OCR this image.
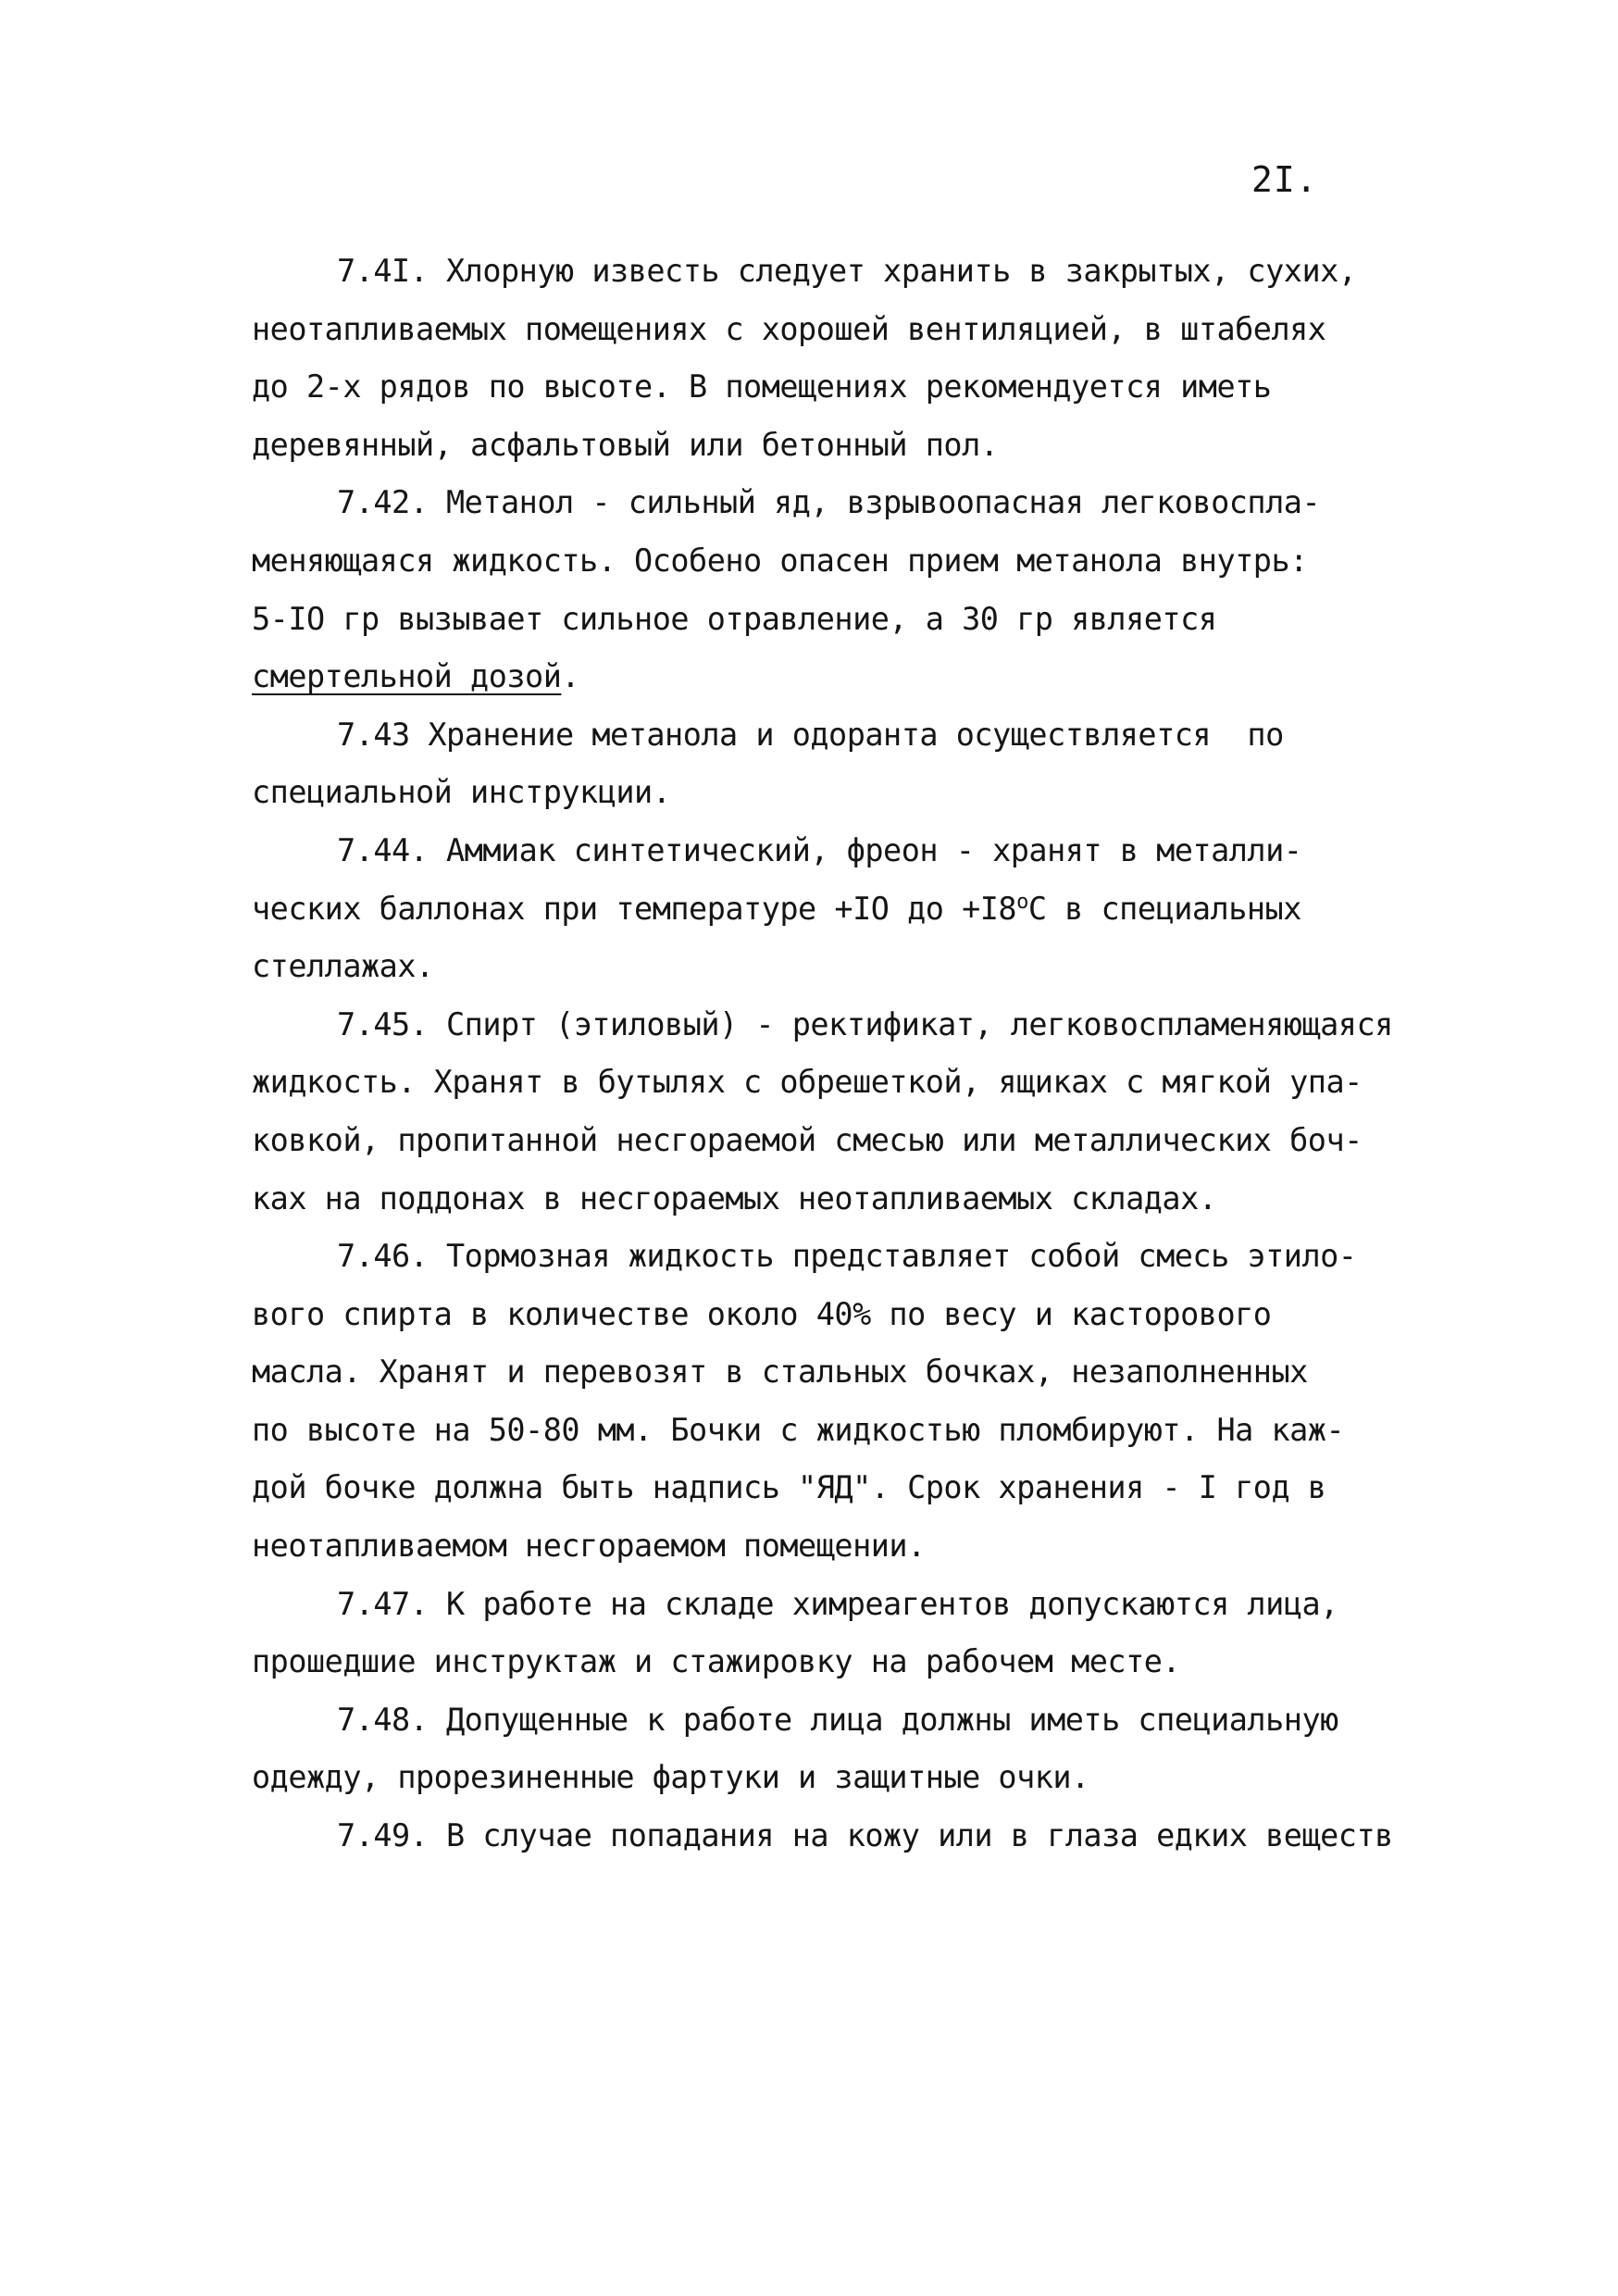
2I.
7.4I. Хлорную известь следует хранить в закрытых, сухих,
неотапливаемых помещениях с хорошей вентиляцией, в штабелях
до 2-х рядов по высоте. В помещениях рекомендуется иметь
деревянный, асфальтовый или бетонный пол.
7.42. Метанол - сильный яд, взрывоопасная легковоспла-
меняющаяся жидкость. Особено опасен прием метанола внутрь:
5-IO гр вызывает сильное отравление, а 30 гр является
смертельной дозой.
7.43 Хранение метанола и одоранта осуществляется  по
специальной инструкции.
7.44. Аммиак синтетический, фреон - хранят в металли-
ческих баллонах при температуре +IO до $+I8^оС$ в специальных
стеллажах.
7.45. Спирт (этиловый) - ректификат, легковоспламеняющаяся
жидкость. Хранят в бутылях с обрешеткой, ящиках с мягкой упа-
ковкой, пропитанной несгораемой смесью или металлических боч-
ках на поддонах в несгораемых неотапливаемых складах.
7.46. Тормозная жидкость представляет собой смесь этило-
вого спирта в количестве около 40% по весу и касторового
масла. Хранят и перевозят в стальных бочках, незаполненных
по высоте на 50-80 мм. Бочки с жидкостью пломбируют. На каж-
дой бочке должна быть надпись "ЯД". Срок хранения - I год в
неотапливаемом несгораемом помещении.
7.47. К работе на складе химреагентов допускаются лица,
прошедшие инструктаж и стажировку на рабочем месте.
7.48. Допущенные к работе лица должны иметь специальную
одежду, прорезиненные фартуки и защитные очки.
7.49. В случае попадания на кожу или в глаза едких веществ
